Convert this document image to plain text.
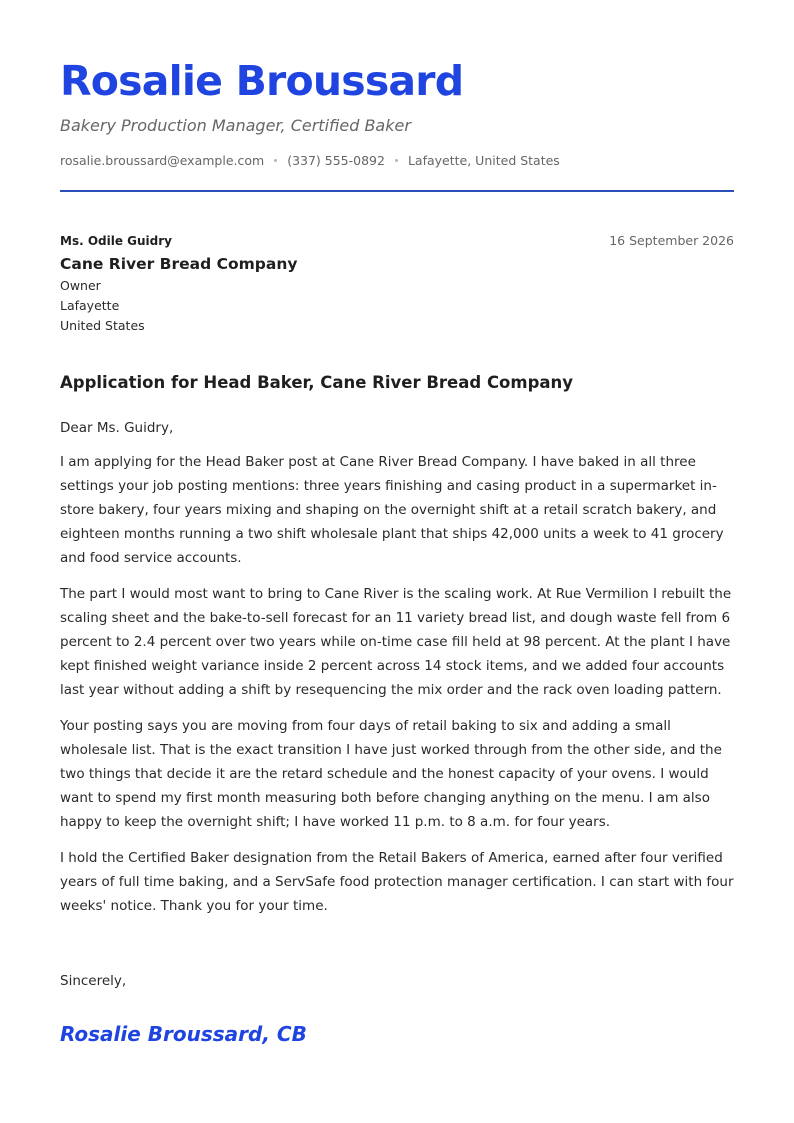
Rosalie Broussard
Bakery Production Manager, Certified Baker
rosalie.broussard@example.com (337) 555-0892 Lafayette, United States
Ms. Odile Guidry	16 September 2026
Cane River Bread Company
Owner
Lafayette
United States
Application for Head Baker, Cane River Bread Company

Dear Ms. Guidry,

I am applying for the Head Baker post at Cane River Bread Company. I have baked in all three settings your job posting mentions: three years finishing and casing product in a supermarket in-store bakery, four years mixing and shaping on the overnight shift at a retail scratch bakery, and eighteen months running a two shift wholesale plant that ships 42,000 units a week to 41 grocery and food service accounts.

The part I would most want to bring to Cane River is the scaling work. At Rue Vermilion I rebuilt the scaling sheet and the bake-to-sell forecast for an 11 variety bread list, and dough waste fell from 6 percent to 2.4 percent over two years while on-time case fill held at 98 percent. At the plant I have kept finished weight variance inside 2 percent across 14 stock items, and we added four accounts last year without adding a shift by resequencing the mix order and the rack oven loading pattern.

Your posting says you are moving from four days of retail baking to six and adding a small wholesale list. That is the exact transition I have just worked through from the other side, and the two things that decide it are the retard schedule and the honest capacity of your ovens. I would want to spend my first month measuring both before changing anything on the menu. I am also happy to keep the overnight shift; I have worked 11 p.m. to 8 a.m. for four years.

I hold the Certified Baker designation from the Retail Bakers of America, earned after four verified years of full time baking, and a ServSafe food protection manager certification. I can start with four weeks' notice. Thank you for your time.

Sincerely,
Rosalie Broussard, CB
